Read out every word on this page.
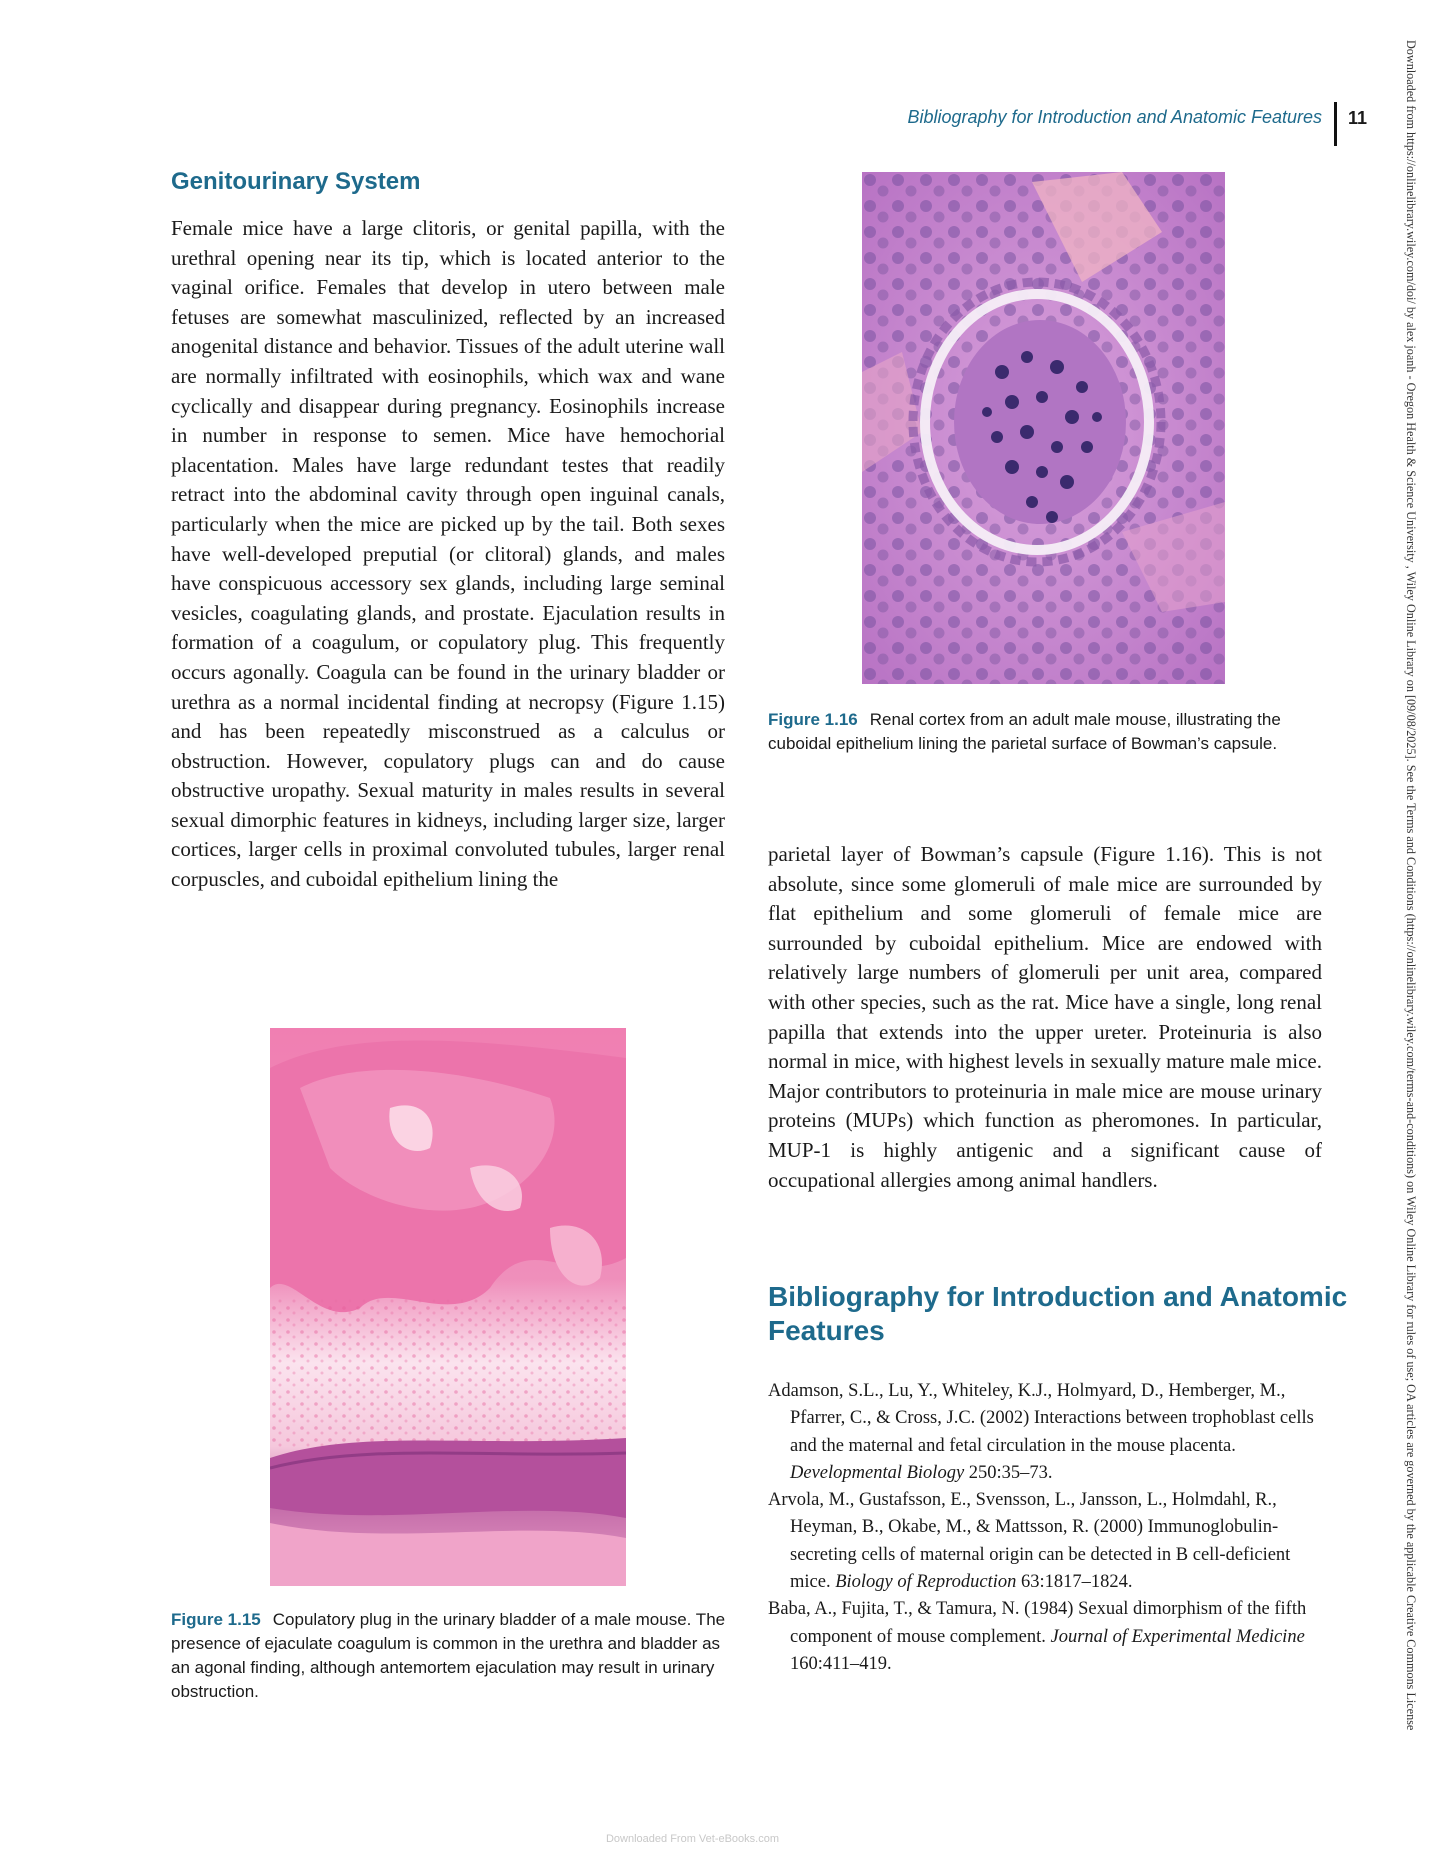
Bibliography for Introduction and Anatomic Features 11
Genitourinary System

Female mice have a large clitoris, or genital papilla, with the urethral opening near its tip, which is located anterior to the vaginal orifice. Females that develop in utero between male fetuses are somewhat masculinized, reflected by an increased anogenital distance and behavior. Tissues of the adult uterine wall are normally infiltrated with eosinophils, which wax and wane cyclically and disappear during pregnancy. Eosinophils increase in number in response to semen. Mice have hemochorial placentation. Males have large redundant testes that readily retract into the abdominal cavity through open inguinal canals, particularly when the mice are picked up by the tail. Both sexes have well-developed preputial (or clitoral) glands, and males have conspicuous accessory sex glands, including large seminal vesicles, coagulating glands, and prostate. Ejaculation results in formation of a coagulum, or copulatory plug. This frequently occurs agonally. Coagula can be found in the urinary bladder or urethra as a normal incidental finding at necropsy (Figure 1.15) and has been repeatedly misconstrued as a calculus or obstruction. However, copulatory plugs can and do cause obstructive uropathy. Sexual maturity in males results in several sexual dimorphic features in kidneys, including larger size, larger cortices, larger cells in proximal convoluted tubules, larger renal corpuscles, and cuboidal epithelium lining the

Figure 1.16 Renal cortex from an adult male mouse, illustrating the cuboidal epithelium lining the parietal surface of Bowman’s capsule.

parietal layer of Bowman’s capsule (Figure 1.16). This is not absolute, since some glomeruli of male mice are surrounded by flat epithelium and some glomeruli of female mice are surrounded by cuboidal epithelium. Mice are endowed with relatively large numbers of glomeruli per unit area, compared with other species, such as the rat. Mice have a single, long renal papilla that extends into the upper ureter. Proteinuria is also normal in mice, with highest levels in sexually mature male mice. Major contributors to proteinuria in male mice are mouse urinary proteins (MUPs) which function as pheromones. In particular, MUP-1 is highly antigenic and a significant cause of occupational allergies among animal handlers.

Figure 1.15 Copulatory plug in the urinary bladder of a male mouse. The presence of ejaculate coagulum is common in the urethra and bladder as an agonal finding, although antemortem ejaculation may result in urinary obstruction.

Bibliography for Introduction and Anatomic Features
Adamson, S.L., Lu, Y., Whiteley, K.J., Holmyard, D., Hemberger, M., Pfarrer, C., & Cross, J.C. (2002) Interactions between trophoblast cells and the maternal and fetal circulation in the mouse placenta. Developmental Biology 250:35–73.
Arvola, M., Gustafsson, E., Svensson, L., Jansson, L., Holmdahl, R., Heyman, B., Okabe, M., & Mattsson, R. (2000) Immunoglobulin-secreting cells of maternal origin can be detected in B cell-deficient mice. Biology of Reproduction 63:1817–1824.
Baba, A., Fujita, T., & Tamura, N. (1984) Sexual dimorphism of the fifth component of mouse complement. Journal of Experimental Medicine 160:411–419.	Downloaded from https://onlinelibrary.wiley.com/doi/ by alex joanh - Oregon Health & Science University , Wiley Online Library on [09/08/2025]. See the Terms and Conditions (https://onlinelibrary.wiley.com/terms-and-conditions) on Wiley Online Library for rules of use; OA articles are governed by the applicable Creative Commons License
Downloaded From Vet-eBooks.com
